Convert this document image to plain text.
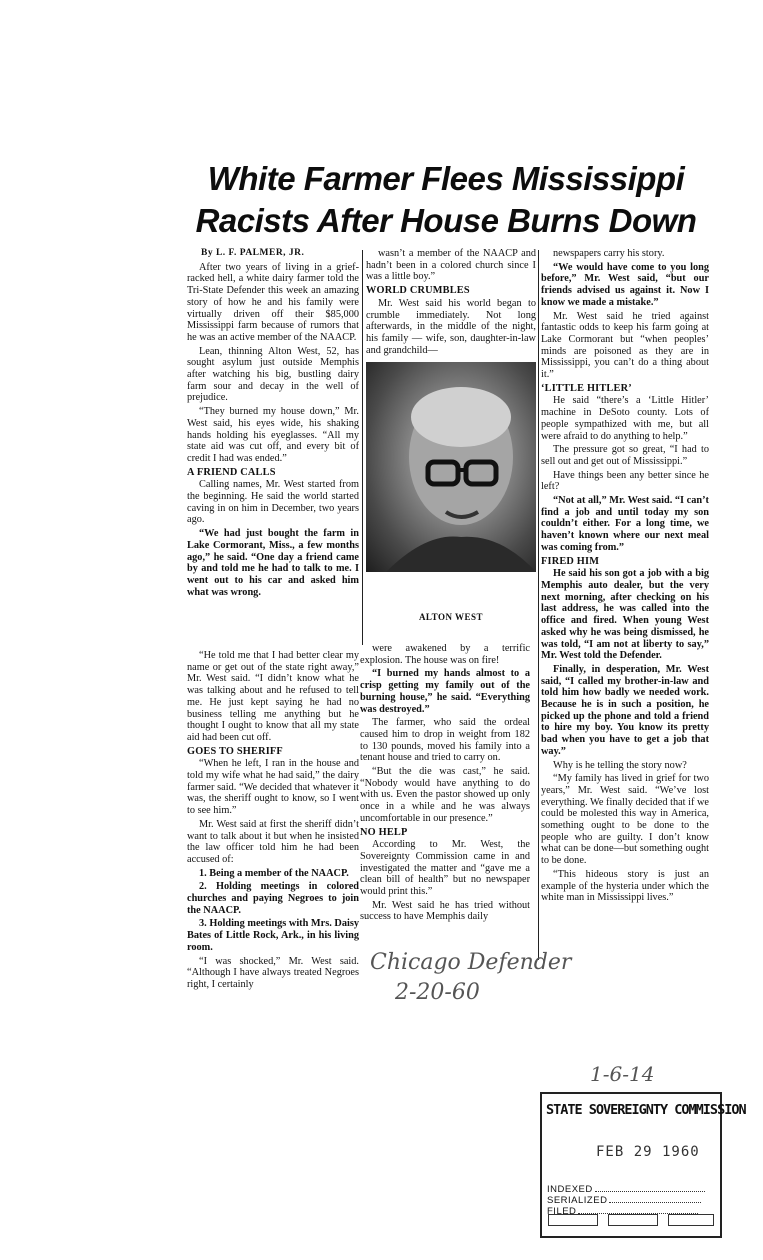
White Farmer Flees Mississippi
Racists After House Burns Down

By L. F. PALMER, JR.

After two years of living in a grief-racked hell, a white dairy farmer told the Tri-State Defender this week an amazing story of how he and his family were virtually driven off their $85,000 Mississippi farm because of rumors that he was an active member of the NAACP.

Lean, thinning Alton West, 52, has sought asylum just outside Memphis after watching his big, bustling dairy farm sour and decay in the well of prejudice.

“They burned my house down,” Mr. West said, his eyes wide, his shaking hands holding his eyeglasses. “All my state aid was cut off, and every bit of credit I had was ended.”

A FRIEND CALLS

Calling names, Mr. West started from the beginning. He said the world started caving in on him in December, two years ago.

“We had just bought the farm in Lake Cormorant, Miss., a few months ago,” he said. “One day a friend came by and told me he had to talk to me. I went out to his car and asked him what was wrong.

“He told me that I had better clear my name or get out of the state right away,” Mr. West said. “I didn’t know what he was talking about and he refused to tell me. He just kept saying he had no business telling me anything but he thought I ought to know that all my state aid had been cut off.

GOES TO SHERIFF

“When he left, I ran in the house and told my wife what he had said,” the dairy farmer said. “We decided that whatever it was, the sheriff ought to know, so I went to see him.”

Mr. West said at first the sheriff didn’t want to talk about it but when he insisted the law officer told him he had been accused of:

1. Being a member of the NAACP.

2. Holding meetings in colored churches and paying Negroes to join the NAACP.

3. Holding meetings with Mrs. Daisy Bates of Little Rock, Ark., in his living room.

“I was shocked,” Mr. West said. “Although I have always treated Negroes right, I certainly

wasn’t a member of the NAACP and hadn’t been in a colored church since I was a little boy.”

WORLD CRUMBLES

Mr. West said his world began to crumble immediately. Not long afterwards, in the middle of the night, his family — wife, son, daughter-in-law and grandchild—

ALTON WEST

were awakened by a terrific explosion. The house was on fire!

“I burned my hands almost to a crisp getting my family out of the burning house,” he said. “Everything was destroyed.”

The farmer, who said the ordeal caused him to drop in weight from 182 to 130 pounds, moved his family into a tenant house and tried to carry on.

“But the die was cast,” he said. “Nobody would have anything to do with us. Even the pastor showed up only once in a while and he was always uncomfortable in our presence.”

NO HELP

According to Mr. West, the Sovereignty Commission came in and investigated the matter and “gave me a clean bill of health” but no newspaper would print this.”

Mr. West said he has tried without success to have Memphis daily

newspapers carry his story.

“We would have come to you long before,” Mr. West said, “but our friends advised us against it. Now I know we made a mistake.”

Mr. West said he tried against fantastic odds to keep his farm going at Lake Cormorant but “when peoples’ minds are poisoned as they are in Mississippi, you can’t do a thing about it.”

‘LITTLE HITLER’

He said “there’s a ‘Little Hitler’ machine in DeSoto county. Lots of people sympathized with me, but all were afraid to do anything to help.”

The pressure got so great, “I had to sell out and get out of Mississippi.”

Have things been any better since he left?

“Not at all,” Mr. West said. “I can’t find a job and until today my son couldn’t either. For a long time, we haven’t known where our next meal was coming from.”

FIRED HIM

He said his son got a job with a big Memphis auto dealer, but the very next morning, after checking on his last address, he was called into the office and fired. When young West asked why he was being dismissed, he was told, “I am not at liberty to say,” Mr. West told the Defender.

Finally, in desperation, Mr. West said, “I called my brother-in-law and told him how badly we needed work. Because he is in such a position, he picked up the phone and told a friend to hire my boy. You know its pretty bad when you have to get a job that way.”

Why is he telling the story now?

“My family has lived in grief for two years,” Mr. West said. “We’ve lost everything. We finally decided that if we could be molested this way in America, something ought to be done to the people who are guilty. I don’t know what can be done—but something ought to be done.

“This hideous story is just an example of the hysteria under which the white man in Mississippi lives.”

Chicago Defender
2-20-60
1-6-14
STATE SOVEREIGNTY COMMISSION
FEB 29 1960
INDEXED
SERIALIZED
FILED
